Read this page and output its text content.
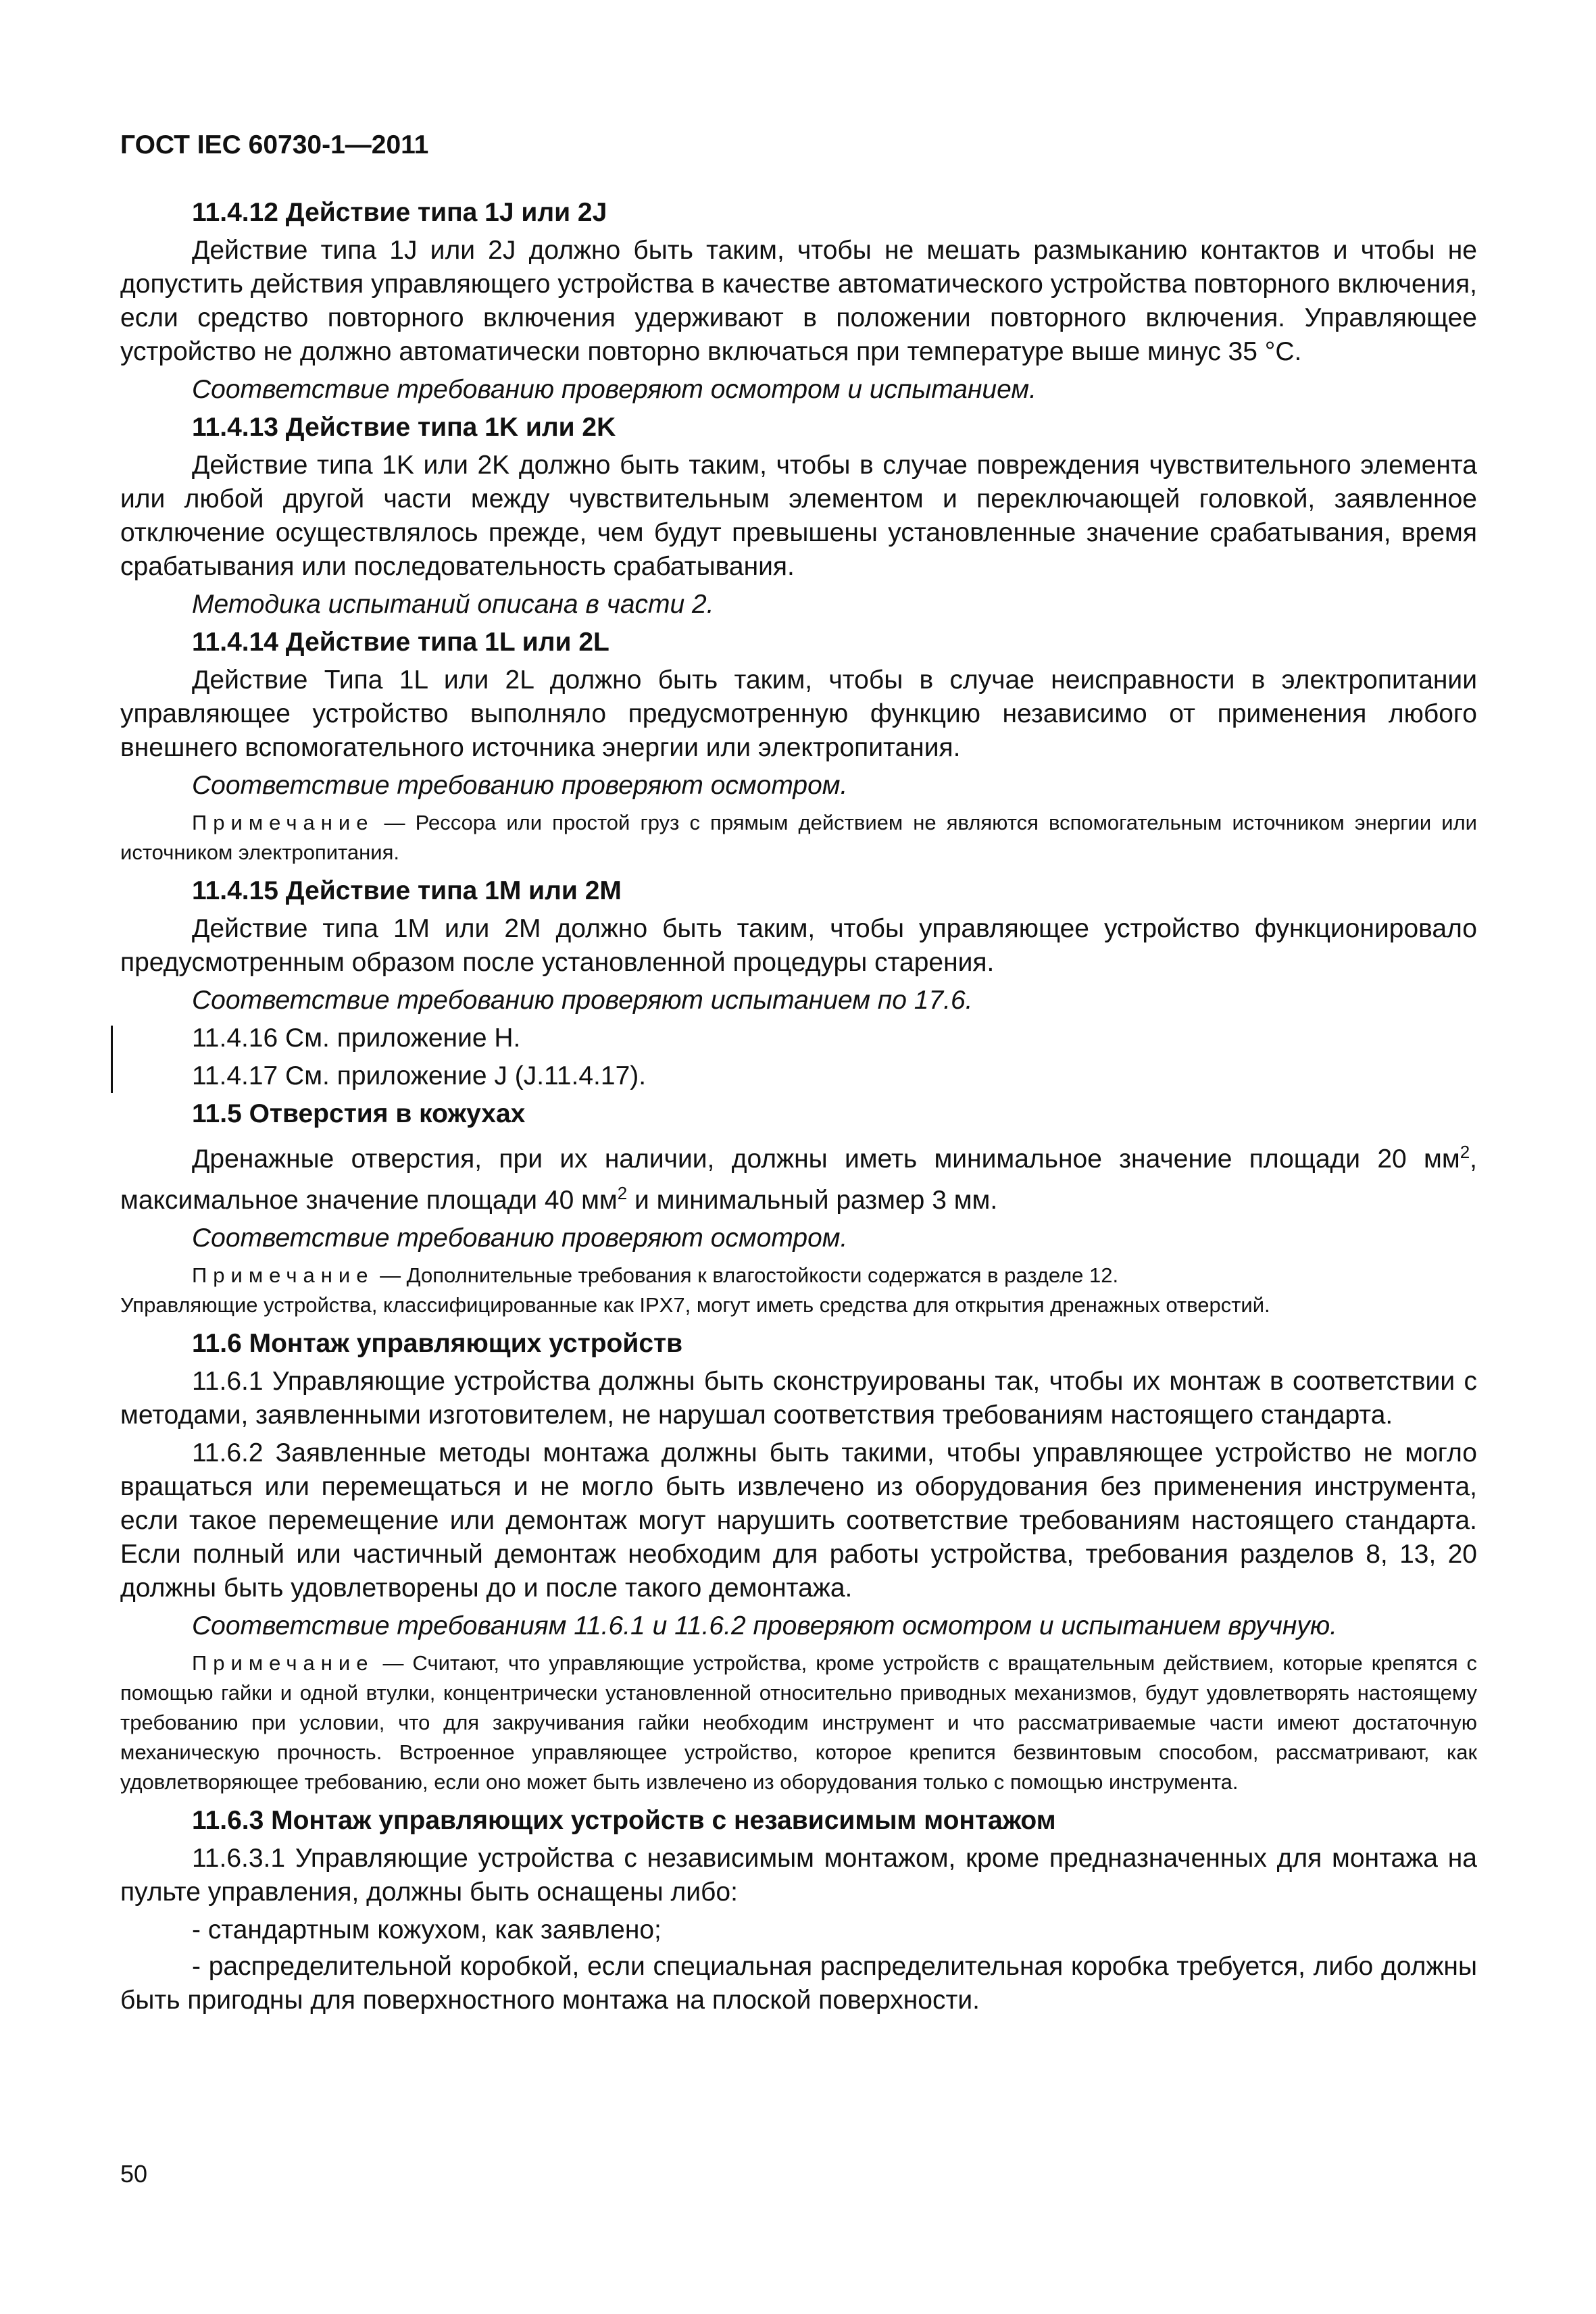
ГОСТ IEC 60730-1—2011
11.4.12 Действие типа 1J или 2J
Действие типа 1J или 2J должно быть таким, чтобы не мешать размыканию контактов и чтобы не допустить действия управляющего устройства в качестве автоматического устройства повторного включения, если средство повторного включения удерживают в положении повторного включения. Управляющее устройство не должно автоматически повторно включаться при температуре выше минус 35 °С.
Соответствие требованию проверяют осмотром и испытанием.
11.4.13 Действие типа 1K или 2K
Действие типа 1K или 2K должно быть таким, чтобы в случае повреждения чувствительного элемента или любой другой части между чувствительным элементом и переключающей головкой, заявленное отключение осуществлялось прежде, чем будут превышены установленные значение срабатывания, время срабатывания или последовательность срабатывания.
Методика испытаний описана в части 2.
11.4.14 Действие типа 1L или 2L
Действие Типа 1L или 2L должно быть таким, чтобы в случае неисправности в электропитании управляющее устройство выполняло предусмотренную функцию независимо от применения любого внешнего вспомогательного источника энергии или электропитания.
Соответствие требованию проверяют осмотром.
Примечание — Рессора или простой груз с прямым действием не являются вспомогательным источником энергии или источником электропитания.
11.4.15 Действие типа 1M или 2M
Действие типа 1M или 2M должно быть таким, чтобы управляющее устройство функционировало предусмотренным образом после установленной процедуры старения.
Соответствие требованию проверяют испытанием по 17.6.
11.4.16 См. приложение Н.
11.4.17 См. приложение J (J.11.4.17).
11.5 Отверстия в кожухах
Дренажные отверстия, при их наличии, должны иметь минимальное значение площади 20 $мм^2$, максимальное значение площади 40 $мм^2$ и минимальный размер 3 мм.
Соответствие требованию проверяют осмотром.
Примечание — Дополнительные требования к влагостойкости содержатся в разделе 12.
Управляющие устройства, классифицированные как IPX7, могут иметь средства для открытия дренажных отверстий.
11.6 Монтаж управляющих устройств
11.6.1 Управляющие устройства должны быть сконструированы так, чтобы их монтаж в соответствии с методами, заявленными изготовителем, не нарушал соответствия требованиям настоящего стандарта.
11.6.2 Заявленные методы монтажа должны быть такими, чтобы управляющее устройство не могло вращаться или перемещаться и не могло быть извлечено из оборудования без применения инструмента, если такое перемещение или демонтаж могут нарушить соответствие требованиям настоящего стандарта. Если полный или частичный демонтаж необходим для работы устройства, требования разделов 8, 13, 20 должны быть удовлетворены до и после такого демонтажа.
Соответствие требованиям 11.6.1 и 11.6.2 проверяют осмотром и испытанием вручную.
Примечание — Считают, что управляющие устройства, кроме устройств с вращательным действием, которые крепятся с помощью гайки и одной втулки, концентрически установленной относительно приводных механизмов, будут удовлетворять настоящему требованию при условии, что для закручивания гайки необходим инструмент и что рассматриваемые части имеют достаточную механическую прочность. Встроенное управляющее устройство, которое крепится безвинтовым способом, рассматривают, как удовлетворяющее требованию, если оно может быть извлечено из оборудования только с помощью инструмента.
11.6.3 Монтаж управляющих устройств с независимым монтажом
11.6.3.1 Управляющие устройства с независимым монтажом, кроме предназначенных для монтажа на пульте управления, должны быть оснащены либо:
- стандартным кожухом, как заявлено;
- распределительной коробкой, если специальная распределительная коробка требуется, либо должны быть пригодны для поверхностного монтажа на плоской поверхности.
50
